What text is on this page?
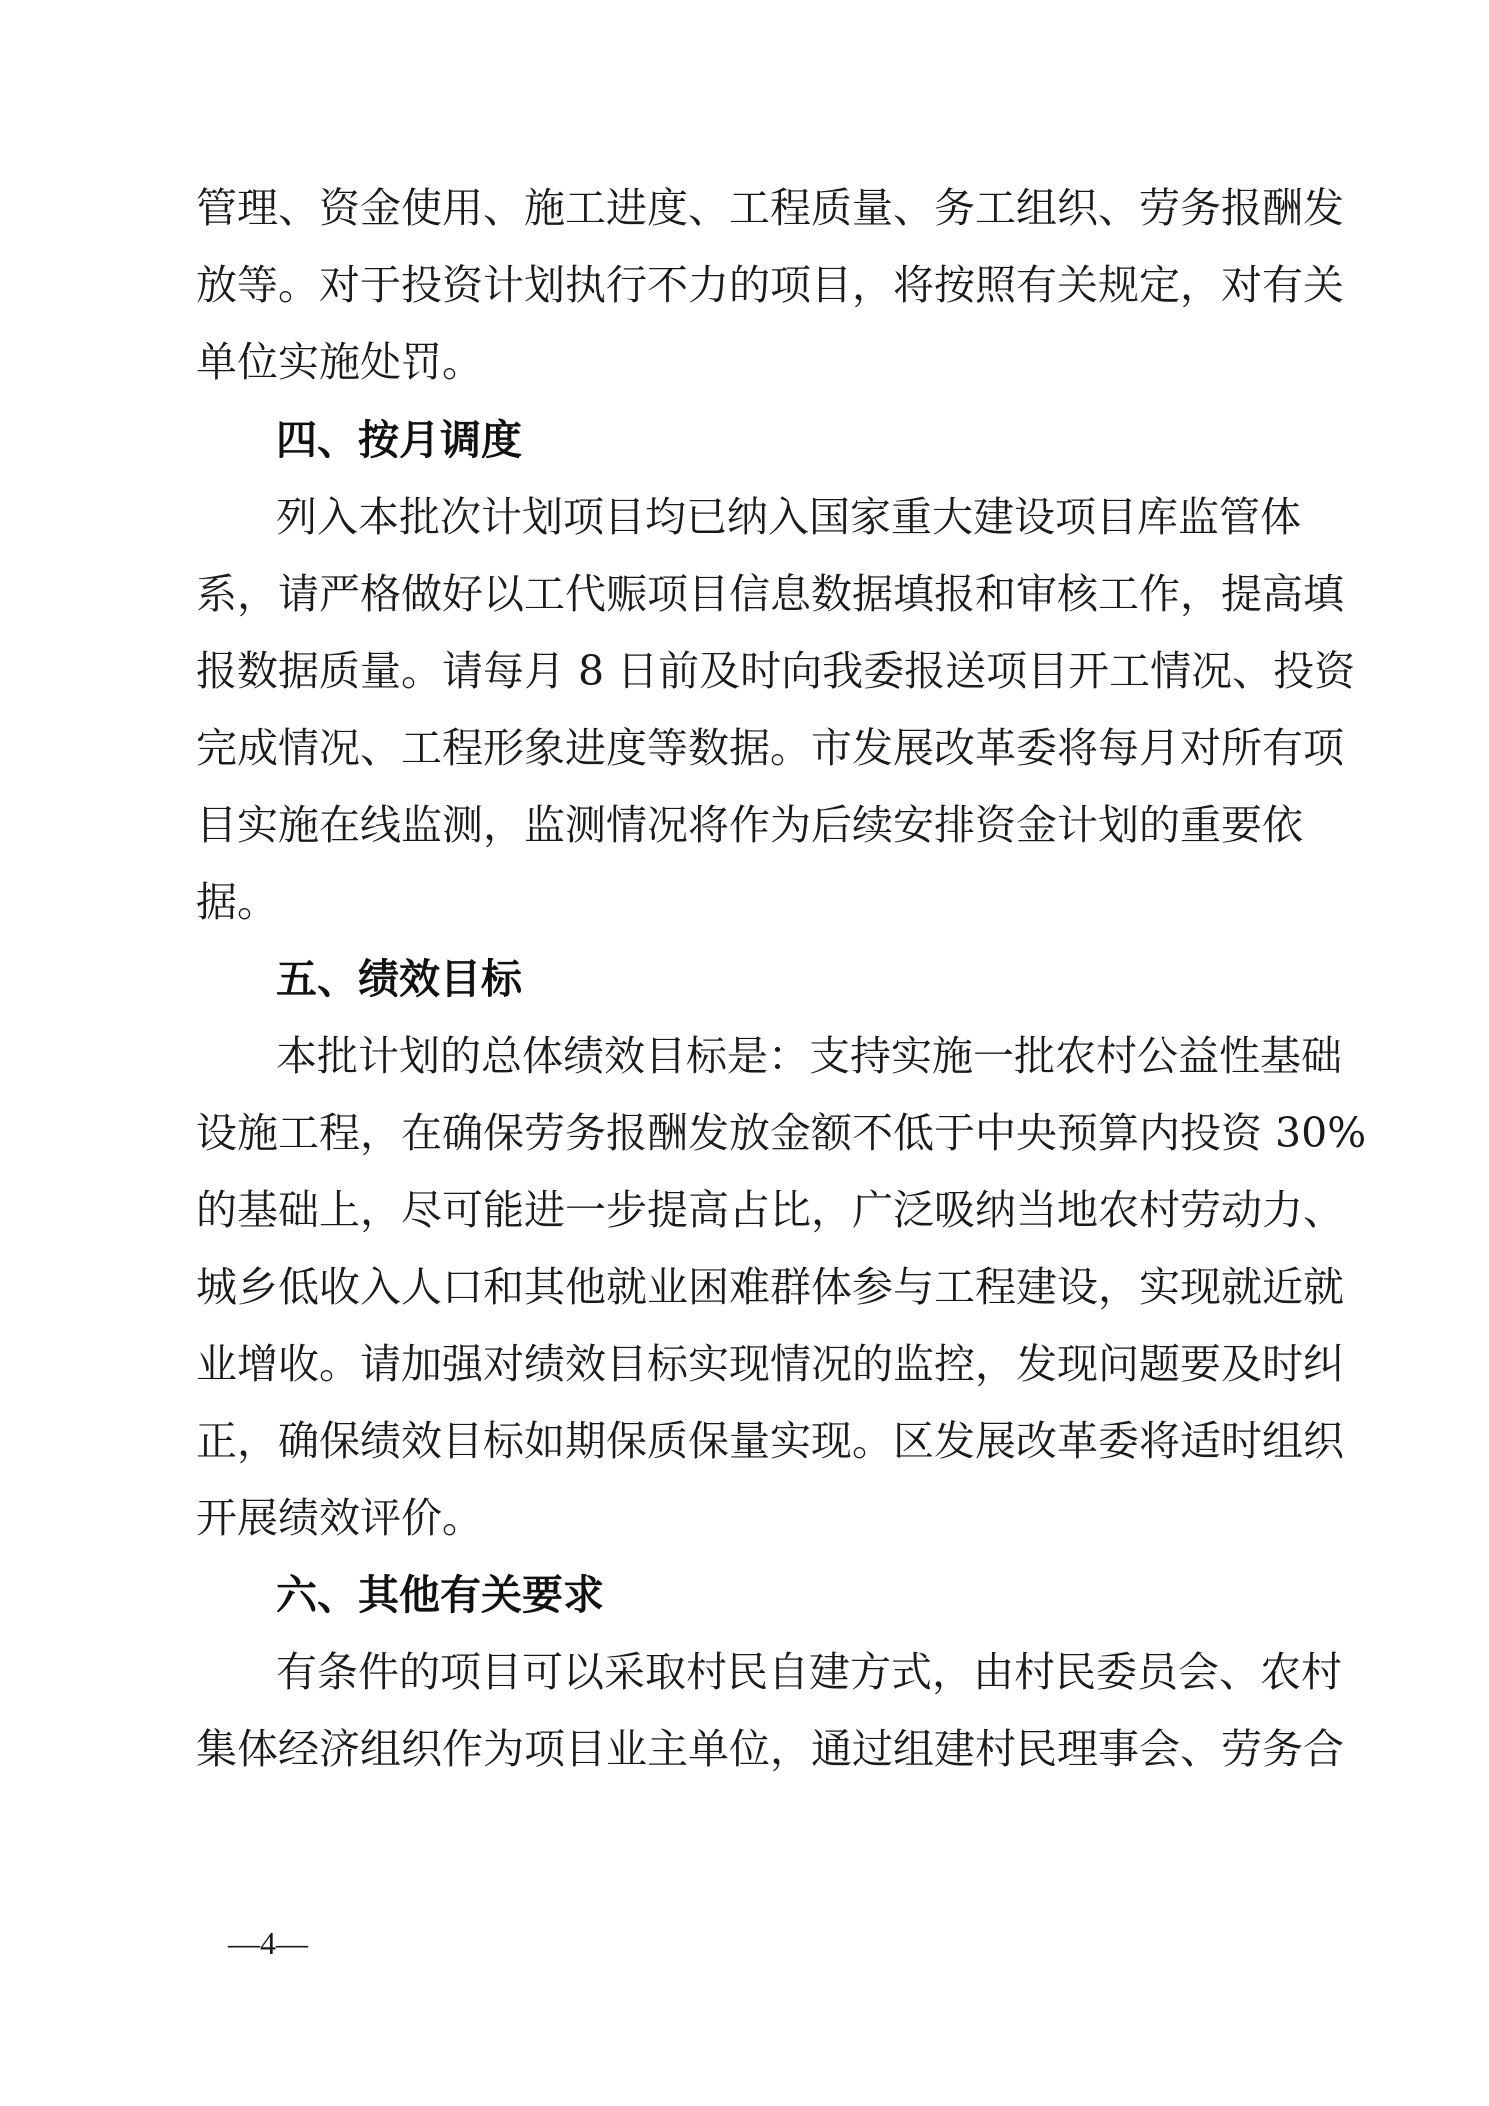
管理、资金使用、施工进度、工程质量、务工组织、劳务报酬发
放等。对于投资计划执行不力的项目，将按照有关规定，对有关
单位实施处罚。
四、按月调度
列入本批次计划项目均已纳入国家重大建设项目库监管体
系，请严格做好以工代赈项目信息数据填报和审核工作，提高填
报数据质量。请每月 8 日前及时向我委报送项目开工情况、投资
完成情况、工程形象进度等数据。市发展改革委将每月对所有项
目实施在线监测，监测情况将作为后续安排资金计划的重要依
据。
五、绩效目标
本批计划的总体绩效目标是：支持实施一批农村公益性基础
设施工程，在确保劳务报酬发放金额不低于中央预算内投资 30%
的基础上，尽可能进一步提高占比，广泛吸纳当地农村劳动力、
城乡低收入人口和其他就业困难群体参与工程建设，实现就近就
业增收。请加强对绩效目标实现情况的监控，发现问题要及时纠
正，确保绩效目标如期保质保量实现。区发展改革委将适时组织
开展绩效评价。
六、其他有关要求
有条件的项目可以采取村民自建方式，由村民委员会、农村
集体经济组织作为项目业主单位，通过组建村民理事会、劳务合
—4—
